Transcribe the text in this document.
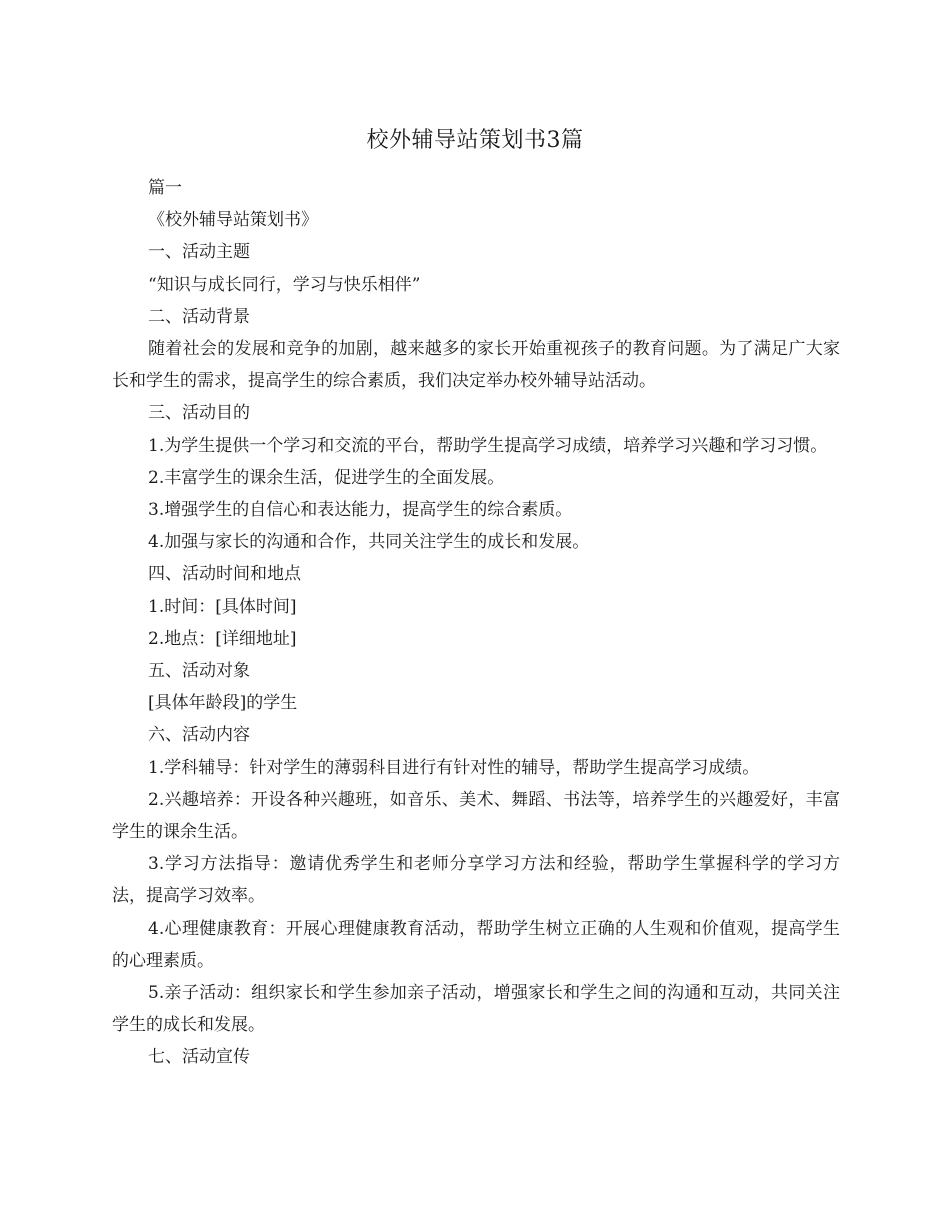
校外辅导站策划书3篇

篇一

《校外辅导站策划书》

一、活动主题

“知识与成长同行，学习与快乐相伴”

二、活动背景

随着社会的发展和竞争的加剧，越来越多的家长开始重视孩子的教育问题。为了满足广大家长和学生的需求，提高学生的综合素质，我们决定举办校外辅导站活动。

三、活动目的

1.为学生提供一个学习和交流的平台，帮助学生提高学习成绩，培养学习兴趣和学习习惯。

2.丰富学生的课余生活，促进学生的全面发展。

3.增强学生的自信心和表达能力，提高学生的综合素质。

4.加强与家长的沟通和合作，共同关注学生的成长和发展。

四、活动时间和地点

1.时间：[具体时间]

2.地点：[详细地址]

五、活动对象

[具体年龄段]的学生

六、活动内容

1.学科辅导：针对学生的薄弱科目进行有针对性的辅导，帮助学生提高学习成绩。

2.兴趣培养：开设各种兴趣班，如音乐、美术、舞蹈、书法等，培养学生的兴趣爱好，丰富学生的课余生活。

3.学习方法指导：邀请优秀学生和老师分享学习方法和经验，帮助学生掌握科学的学习方法，提高学习效率。

4.心理健康教育：开展心理健康教育活动，帮助学生树立正确的人生观和价值观，提高学生的心理素质。

5.亲子活动：组织家长和学生参加亲子活动，增强家长和学生之间的沟通和互动，共同关注学生的成长和发展。

七、活动宣传
